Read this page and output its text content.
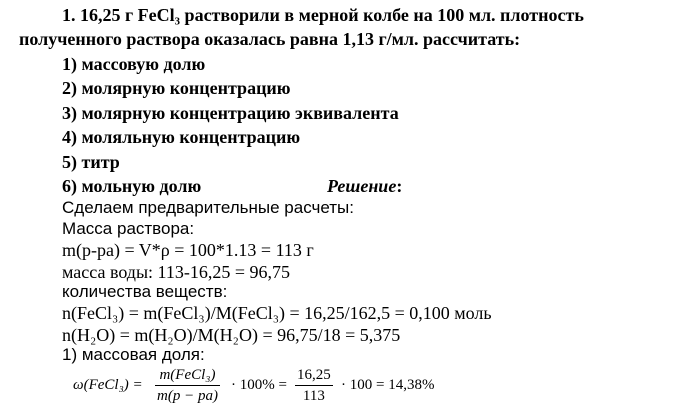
1. 16,25 г FeCl₃ растворили в мерной колбе на 100 мл. плотность
полученного раствора оказалась равна 1,13 г/мл. рассчитать:
1) массовую долю
2) молярную концентрацию
3) молярную концентрацию эквивалента
4) моляльную концентрацию
5) титр
6) мольную долю	Решение:
Сделаем предварительные расчеты:
Масса раствора:
m(р-ра) = V*ρ = 100*1.13 = 113 г
масса воды: 113-16,25 = 96,75
количества веществ:
n(FeCl₃) = m(FeCl₃)/M(FeCl₃) = 16,25/162,5 = 0,100 моль
n(H₂O) = m(H₂O)/M(H₂O) = 96,75/18 = 5,375
1) массовая доля:
ω(FeCl₃) =
m(FeCl₃)
m(p − pa)
· $100\% = \frac{16,25}{113} \cdot 100 = 14,38\%$
